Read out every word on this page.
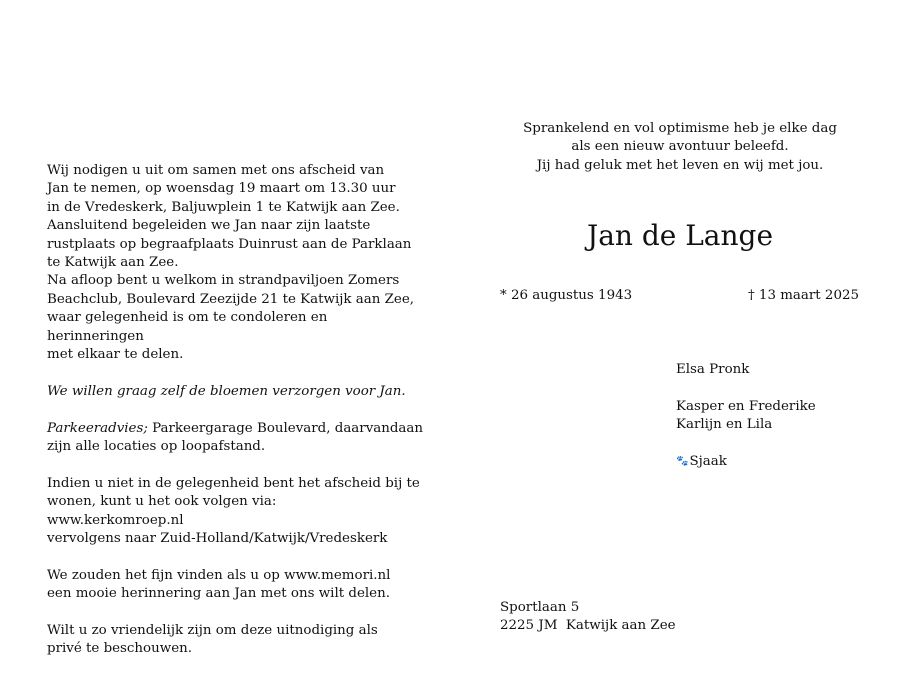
Wij nodigen u uit om samen met ons afscheid van
Jan te nemen, op woensdag 19 maart om 13.30 uur
in de Vredeskerk, Baljuwplein 1 te Katwijk aan Zee.
Aansluitend begeleiden we Jan naar zijn laatste
rustplaats op begraafplaats Duinrust aan de Parklaan
te Katwijk aan Zee.
Na afloop bent u welkom in strandpaviljoen Zomers
Beachclub, Boulevard Zeezijde 21 te Katwijk aan Zee,
waar gelegenheid is om te condoleren en herinneringen
met elkaar te delen.

We willen graag zelf de bloemen verzorgen voor Jan.

Parkeeradvies; Parkeergarage Boulevard, daarvandaan
zijn alle locaties op loopafstand.

Indien u niet in de gelegenheid bent het afscheid bij te
wonen, kunt u het ook volgen via:
www.kerkomroep.nl
vervolgens naar Zuid-Holland/Katwijk/Vredeskerk

We zouden het fijn vinden als u op www.memori.nl
een mooie herinnering aan Jan met ons wilt delen.

Wilt u zo vriendelijk zijn om deze uitnodiging als
privé te beschouwen.

Sprankelend en vol optimisme heb je elke dag
als een nieuw avontuur beleefd.
Jij had geluk met het leven en wij met jou.
Jan de Lange
* 26 augustus 1943	† 13 maart 2025
Elsa Pronk
Kasper en Frederike
Karlijn en Lila
🐾Sjaak
Sportlaan 5
2225 JM  Katwijk aan Zee
